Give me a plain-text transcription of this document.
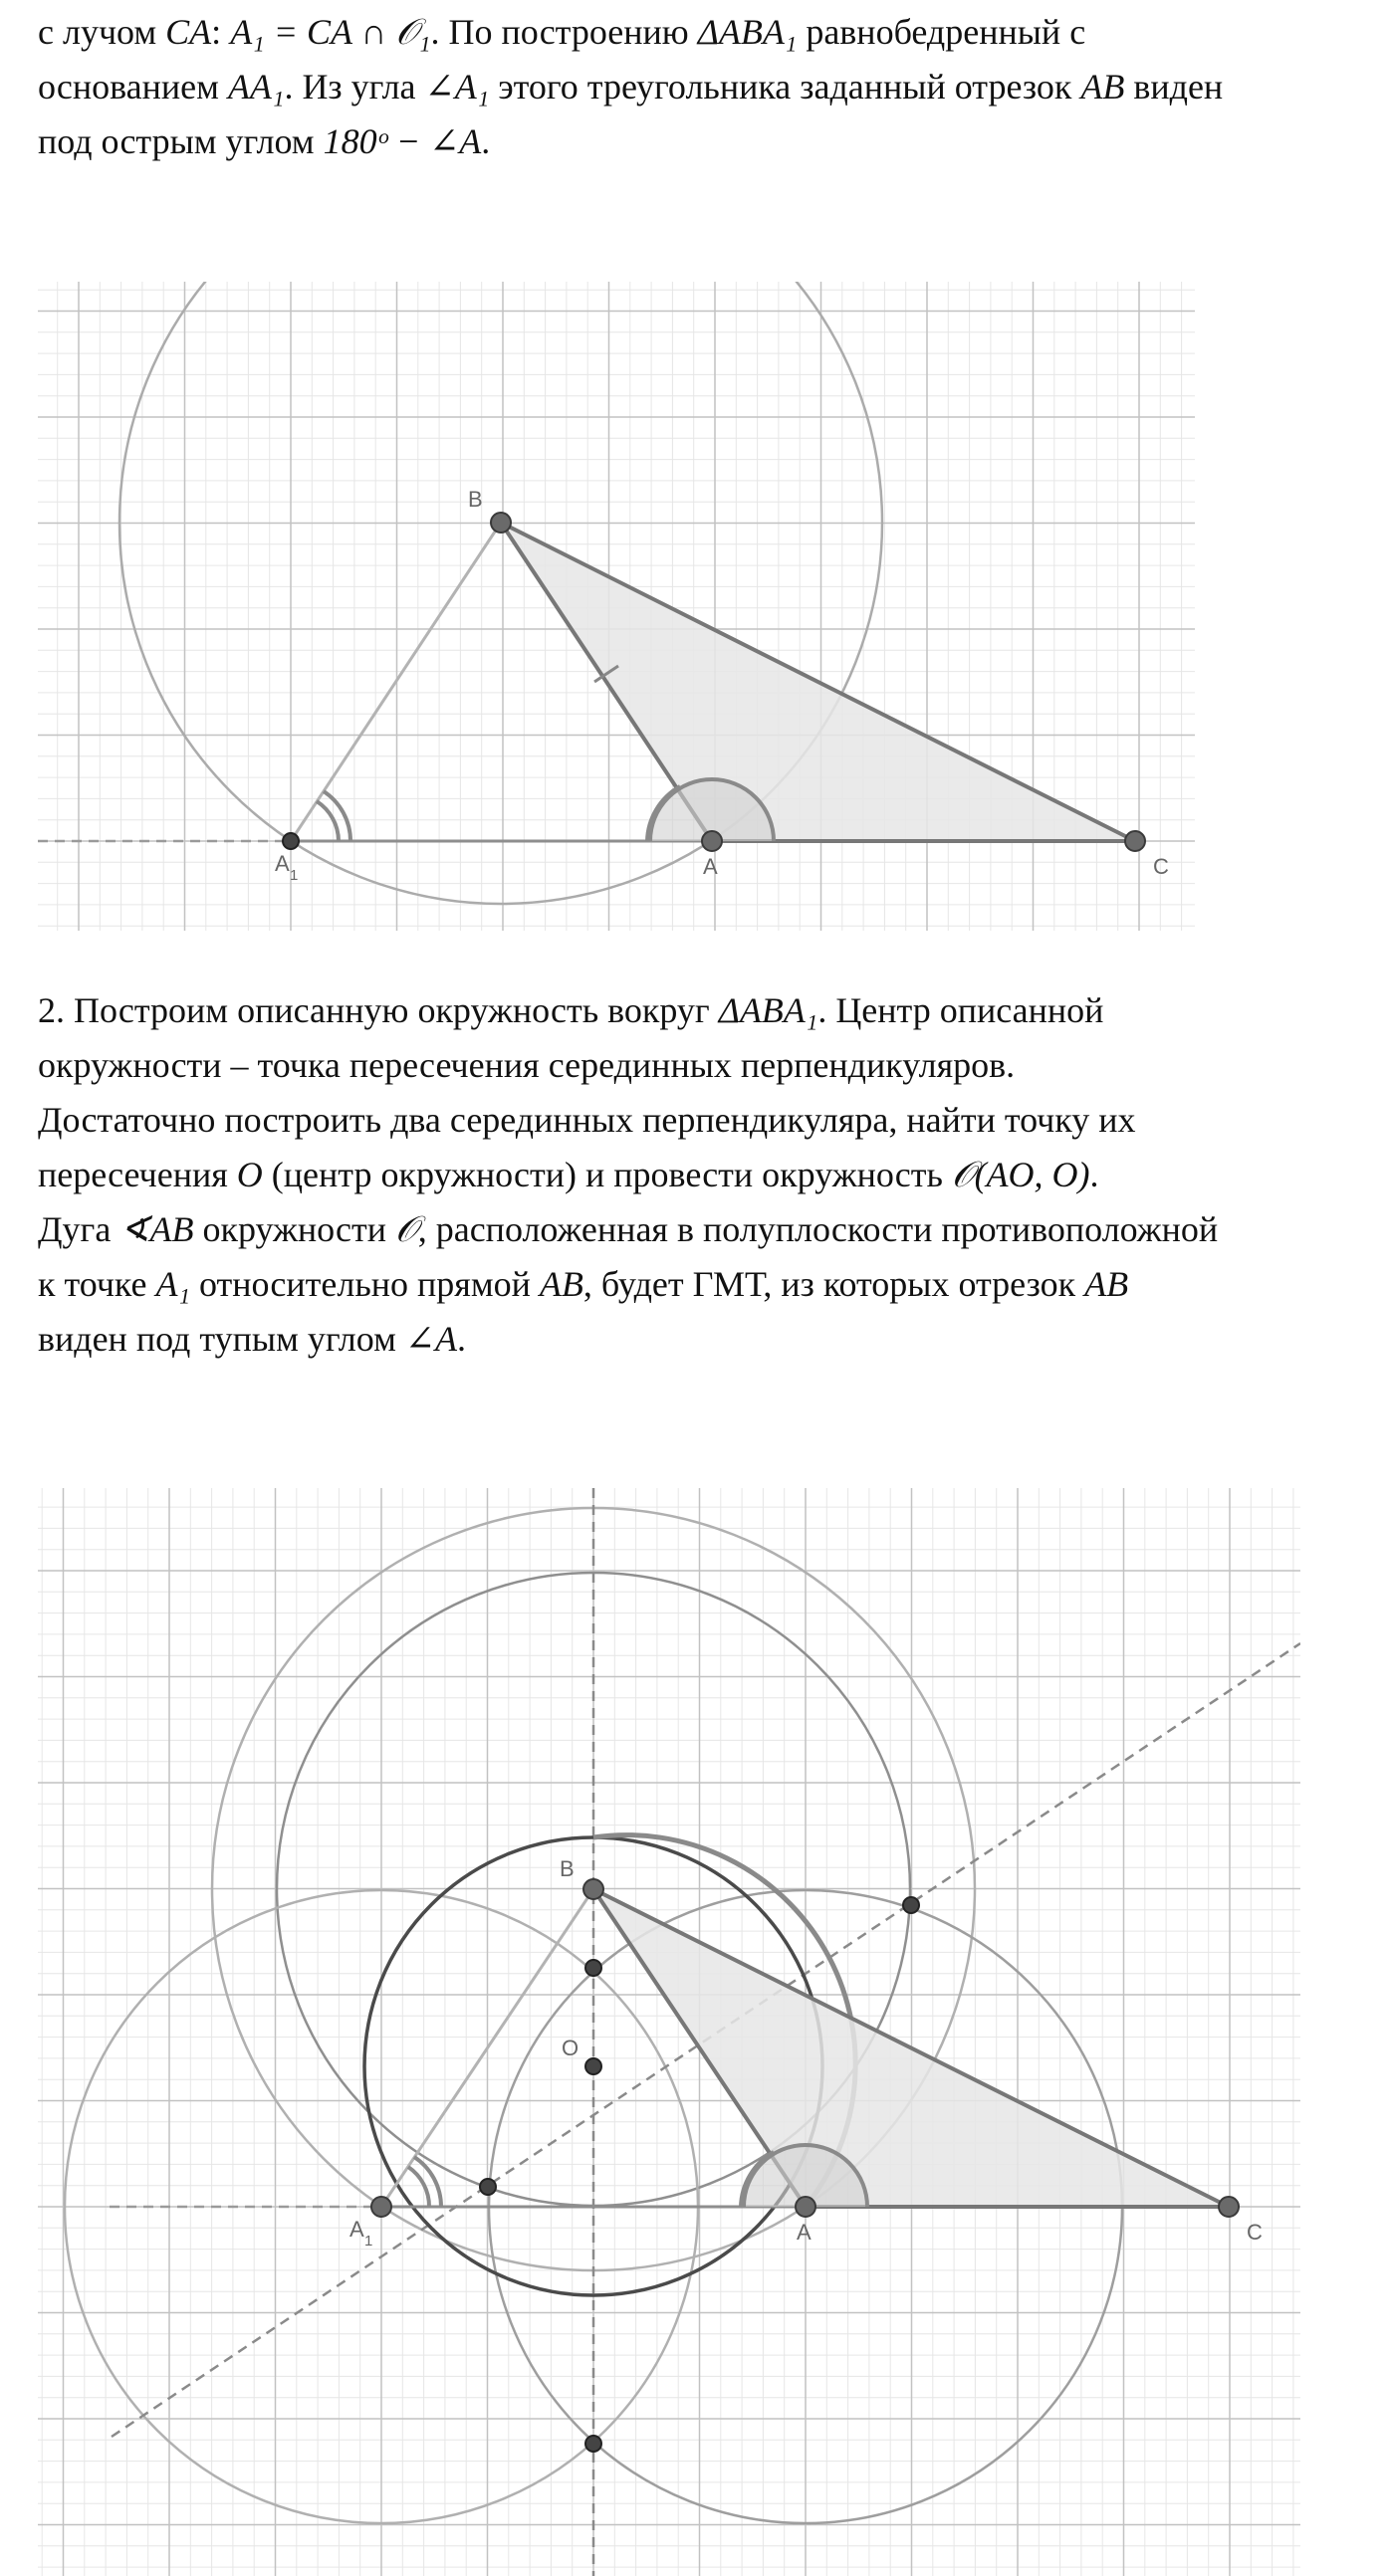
с лучом CA: A₁ = CA ∩ 𝒪₁. По построению ΔABA₁ равнобедренный с

основанием AA₁. Из угла ∠A₁ этого треугольника заданный отрезок AB виден

под острым углом 180ᵒ − ∠A.

B
A 1	A	C

2. Построим описанную окружность вокруг ΔABA₁. Центр описанной

окружности – точка пересечения серединных перпендикуляров.

Достаточно построить два серединных перпендикуляра, найти точку их

пересечения O (центр окружности) и провести окружность 𝒪(AO, O).

Дуга ∢AB окружности 𝒪, расположенная в полуплоскости противоположной

к точке A₁ относительно прямой AB, будет ГМТ, из которых отрезок AB

виден под тупым углом ∠A.

B
O
A 1	A	C
